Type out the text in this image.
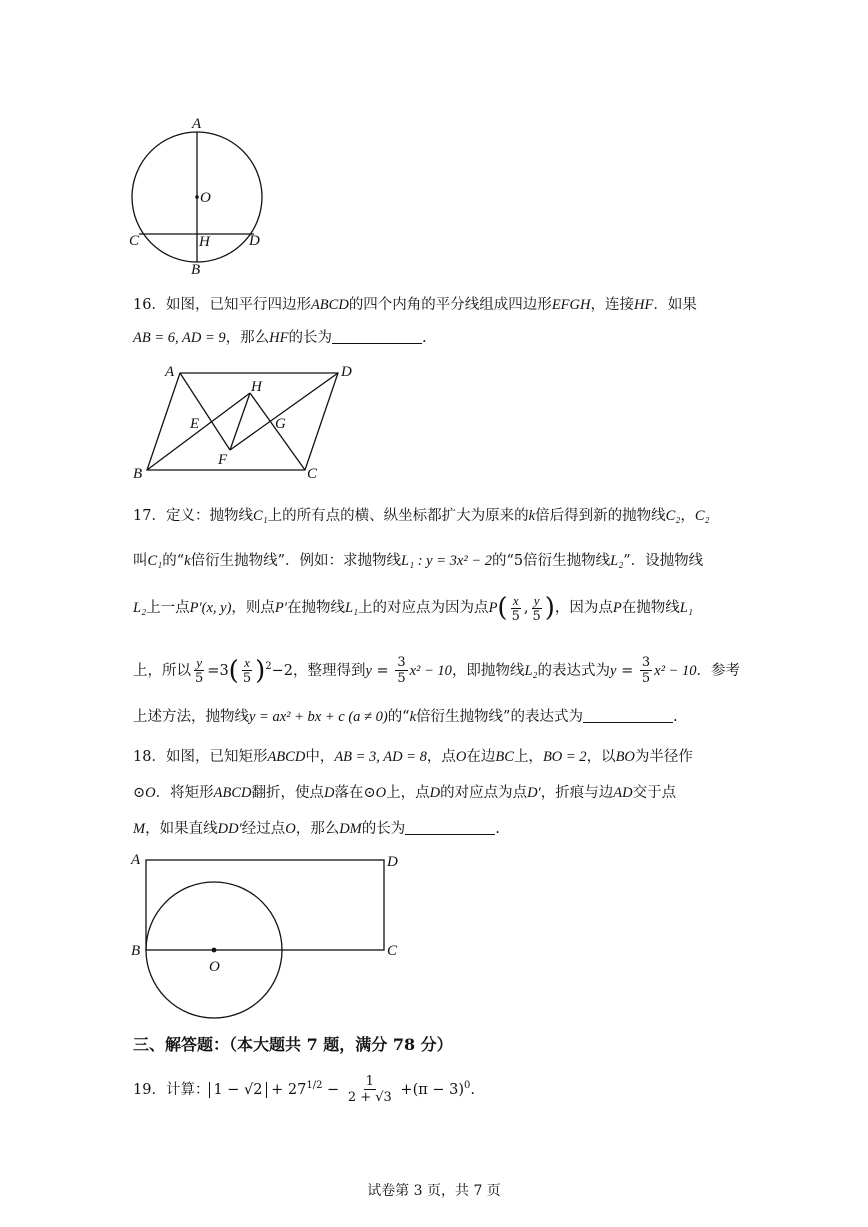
A
O
C	H	D
B
16．如图，已知平行四边形ABCD的四个内角的平分线组成四边形EFGH，连接HF．如果
AB = 6, AD = 9，那么HF的长为	.
A	D
H
E	G
F
B	C
17．定义：抛物线C₁上的所有点的横、纵坐标都扩大为原来的k倍后得到新的抛物线C₂，C₂
叫C₁的“k倍衍生抛物线”．例如：求抛物线L₁ : y = 3x² − 2的“5倍衍生抛物线L₂”．设抛物线
L₂上一点P′(x, y)，则点P′在抛物线L₁上的对应点为因为点$P( \frac{x}{5}$ , $\frac{y}{5}$ )，因为点P在抛物线L₁
上，所以 $\frac{y}{5} =3( \frac{x}{5} )^2-2$，整理得到$y = \frac{3}{5} x^2 - 10$，即抛物线L₂的表达式为$y = \frac{3}{5} x^2 - 10$．参考
上述方法，抛物线y = ax² + bx + c (a ≠ 0)的“k倍衍生抛物线”的表达式为	.
18．如图，已知矩形ABCD中，AB = 3, AD = 8，点O在边BC上，BO = 2，以BO为半径作
⊙O．将矩形ABCD翻折，使点D落在⊙O上，点D的对应点为点D′，折痕与边AD交于点
M，如果直线DD′经过点O，那么DM的长为	.
A	D
B	C
O
三、解答题：（本大题共 7 题，满分 78 分）
19．计算： $1 - √2 + 27^{1/2} - \frac{1}{2 + √3} +(\pi - 3)^0$.
试卷第 3 页，共 7 页
